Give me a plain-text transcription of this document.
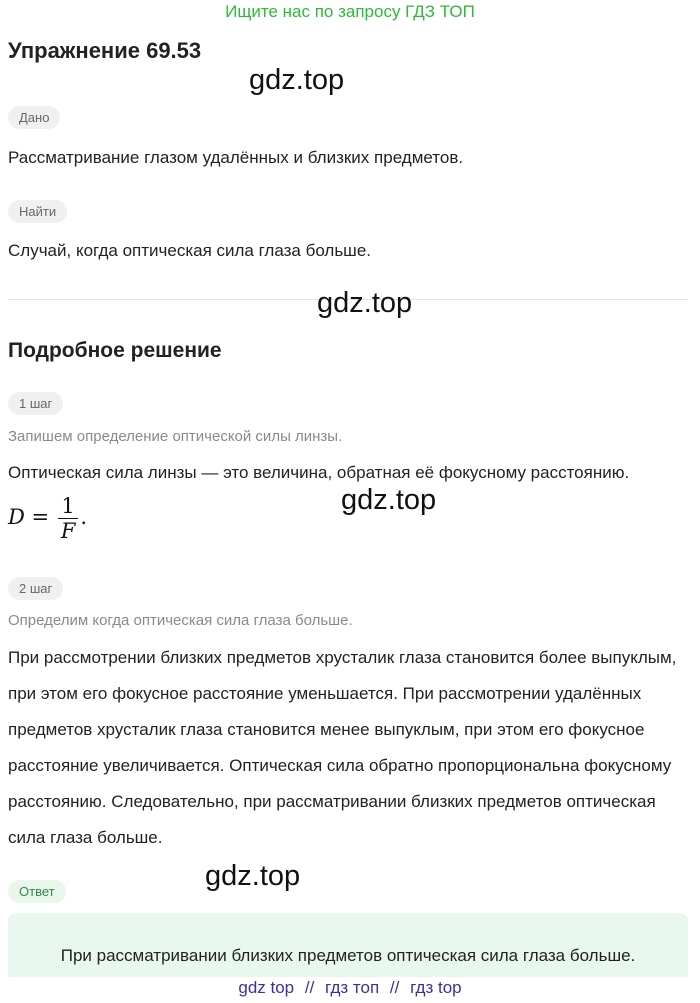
Ищите нас по запросу ГДЗ ТОП
Упражнение 69.53
gdz.top
Дано
Рассматривание глазом удалённых и близких предметов.
Найти
Случай, когда оптическая сила глаза больше.
gdz.top
Подробное решение
1 шаг
Запишем определение оптической силы линзы.
Оптическая сила линзы — это величина, обратная её фокусному расстоянию.
gdz.top
$D = \frac{1}{F}$ .
2 шаг
Определим когда оптическая сила глаза больше.
При рассмотрении близких предметов хрусталик глаза становится более выпуклым, при этом его фокусное расстояние уменьшается. При рассмотрении удалённых предметов хрусталик глаза становится менее выпуклым, при этом его фокусное расстояние увеличивается. Оптическая сила обратно пропорциональна фокусному расстоянию. Следовательно, при рассматривании близких предметов оптическая сила глаза больше.
gdz.top
Ответ
При рассматривании близких предметов оптическая сила глаза больше.
gdz top // гдз топ // гдз top
